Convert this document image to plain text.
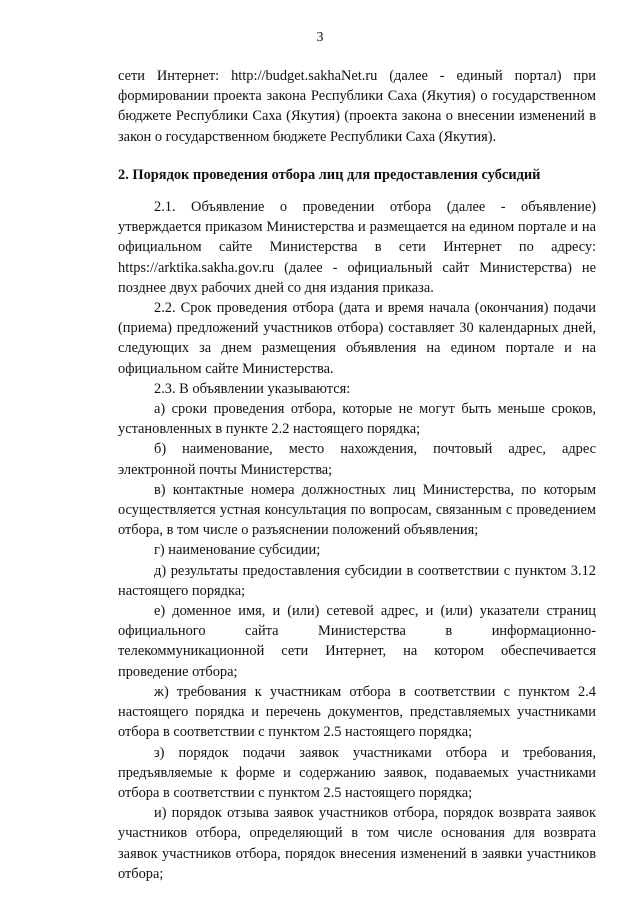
3

сети Интернет: http://budget.sakhaNet.ru (далее - единый портал) при формировании проекта закона Республики Саха (Якутия) о государственном бюджете Республики Саха (Якутия) (проекта закона о внесении изменений в закон о государственном бюджете Республики Саха (Якутия).

2. Порядок проведения отбора лиц для предоставления субсидий

2.1. Объявление о проведении отбора (далее - объявление) утверждается приказом Министерства и размещается на едином портале и на официальном сайте Министерства в сети Интернет по адресу: https://arktika.sakha.gov.ru (далее - официальный сайт Министерства) не позднее двух рабочих дней со дня издания приказа.

2.2. Срок проведения отбора (дата и время начала (окончания) подачи (приема) предложений участников отбора) составляет 30 календарных дней, следующих за днем размещения объявления на едином портале и на официальном сайте Министерства.

2.3. В объявлении указываются:

а) сроки проведения отбора, которые не могут быть меньше сроков, установленных в пункте 2.2 настоящего порядка;

б) наименование, место нахождения, почтовый адрес, адрес электронной почты Министерства;

в) контактные номера должностных лиц Министерства, по которым осуществляется устная консультация по вопросам, связанным с проведением отбора, в том числе о разъяснении положений объявления;

г) наименование субсидии;

д) результаты предоставления субсидии в соответствии с пунктом 3.12 настоящего порядка;

е) доменное имя, и (или) сетевой адрес, и (или) указатели страниц официального сайта Министерства в информационно-телекоммуникационной сети Интернет, на котором обеспечивается проведение отбора;

ж) требования к участникам отбора в соответствии с пунктом 2.4 настоящего порядка и перечень документов, представляемых участниками отбора в соответствии с пунктом 2.5 настоящего порядка;

з) порядок подачи заявок участниками отбора и требования, предъявляемые к форме и содержанию заявок, подаваемых участниками отбора в соответствии с пунктом 2.5 настоящего порядка;

и) порядок отзыва заявок участников отбора, порядок возврата заявок участников отбора, определяющий в том числе основания для возврата заявок участников отбора, порядок внесения изменений в заявки участников отбора;
